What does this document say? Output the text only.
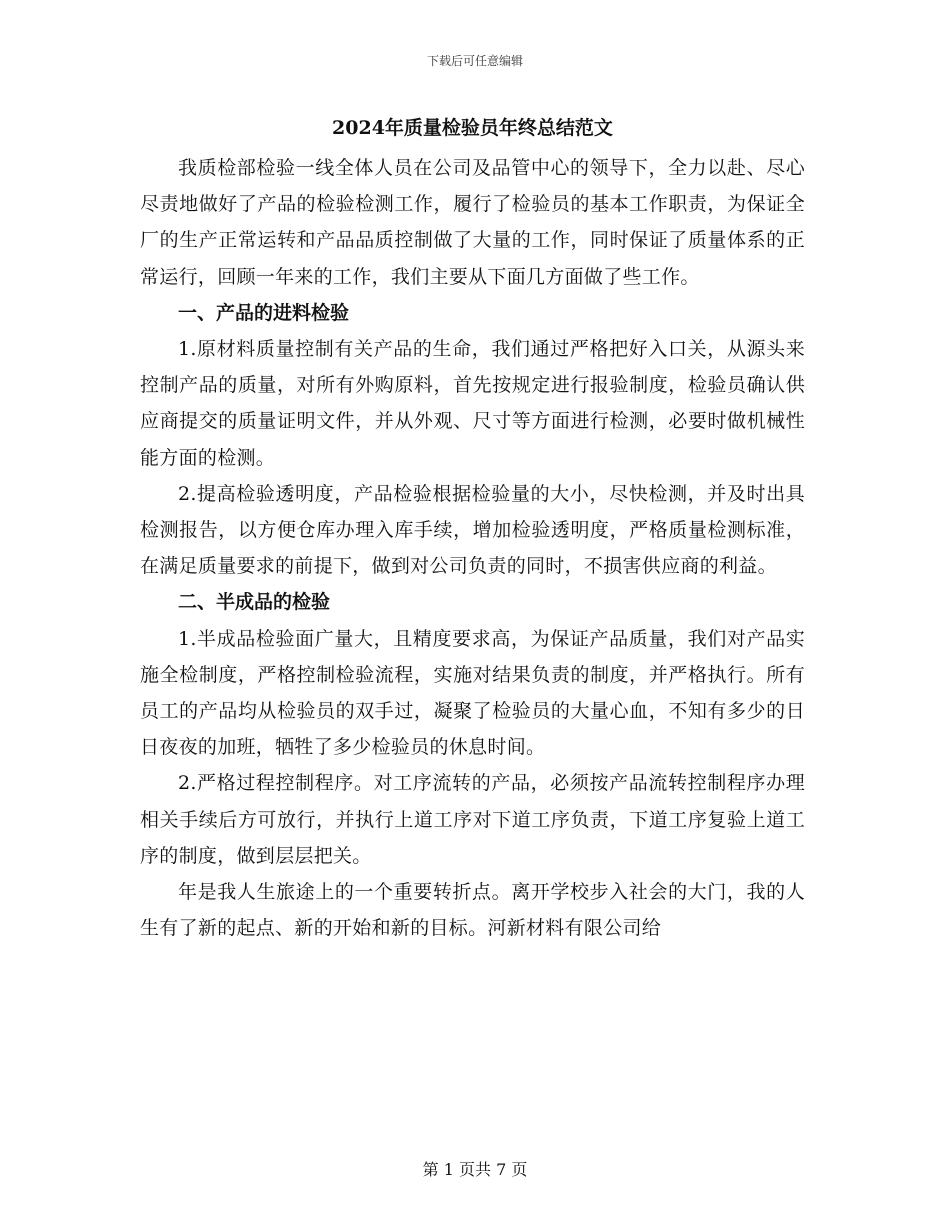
下载后可任意编辑
2024年质量检验员年终总结范文

我质检部检验一线全体人员在公司及品管中心的领导下，全力以赴、尽心尽责地做好了产品的检验检测工作，履行了检验员的基本工作职责，为保证全厂的生产正常运转和产品品质控制做了大量的工作，同时保证了质量体系的正常运行，回顾一年来的工作，我们主要从下面几方面做了些工作。

一、产品的进料检验

1.原材料质量控制有关产品的生命，我们通过严格把好入口关，从源头来控制产品的质量，对所有外购原料，首先按规定进行报验制度，检验员确认供应商提交的质量证明文件，并从外观、尺寸等方面进行检测，必要时做机械性能方面的检测。

2.提高检验透明度，产品检验根据检验量的大小，尽快检测，并及时出具检测报告，以方便仓库办理入库手续，增加检验透明度，严格质量检测标准，在满足质量要求的前提下，做到对公司负责的同时，不损害供应商的利益。

二、半成品的检验

1.半成品检验面广量大，且精度要求高，为保证产品质量，我们对产品实施全检制度，严格控制检验流程，实施对结果负责的制度，并严格执行。所有员工的产品均从检验员的双手过，凝聚了检验员的大量心血，不知有多少的日日夜夜的加班，牺牲了多少检验员的休息时间。

2.严格过程控制程序。对工序流转的产品，必须按产品流转控制程序办理相关手续后方可放行，并执行上道工序对下道工序负责，下道工序复验上道工序的制度，做到层层把关。

年是我人生旅途上的一个重要转折点。离开学校步入社会的大门，我的人生有了新的起点、新的开始和新的目标。河新材料有限公司给

第 1 页共 7 页
